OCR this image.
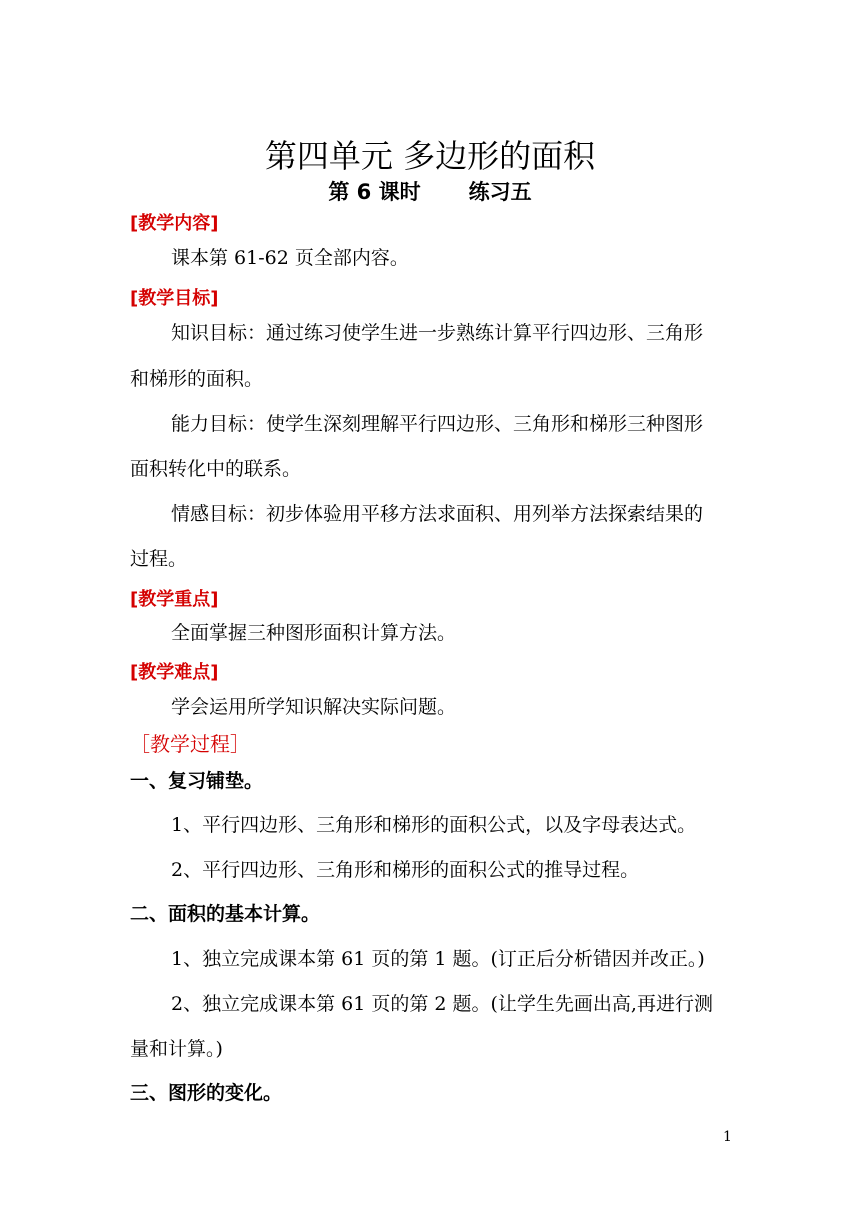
第四单元 多边形的面积
第 6 课时 练习五
[教学内容]
课本第 61-62 页全部内容。
[教学目标]
知识目标：通过练习使学生进一步熟练计算平行四边形、三角形
和梯形的面积。
能力目标：使学生深刻理解平行四边形、三角形和梯形三种图形
面积转化中的联系。
情感目标：初步体验用平移方法求面积、用列举方法探索结果的
过程。
[教学重点]
全面掌握三种图形面积计算方法。
[教学难点]
学会运用所学知识解决实际问题。
［教学过程］
一、复习铺垫。
1、平行四边形、三角形和梯形的面积公式，以及字母表达式。
2、平行四边形、三角形和梯形的面积公式的推导过程。
二、面积的基本计算。
1、独立完成课本第 61 页的第 1 题。(订正后分析错因并改正。)
2、独立完成课本第 61 页的第 2 题。(让学生先画出高,再进行测
量和计算。)
三、图形的变化。
1
